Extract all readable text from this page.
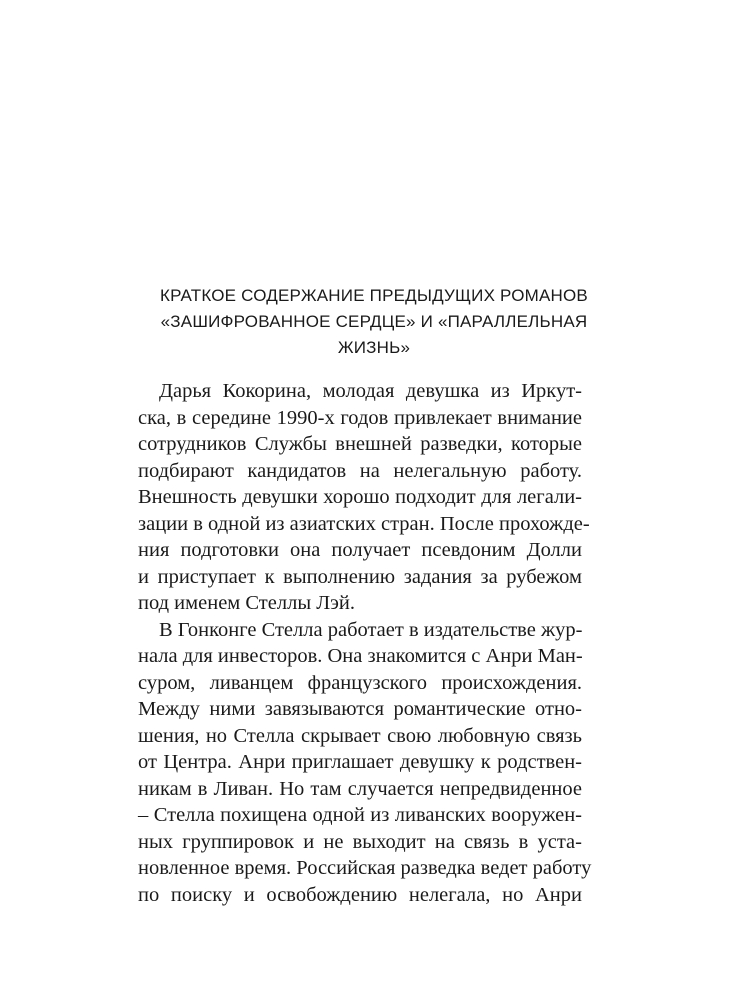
КРАТКОЕ СОДЕРЖАНИЕ ПРЕДЫДУЩИХ РОМАНОВ
«ЗАШИФРОВАННОЕ СЕРДЦЕ» И «ПАРАЛЛЕЛЬНАЯ
ЖИЗНЬ»
Дарья Кокорина, молодая девушка из Иркут-
ска, в середине 1990-х годов привлекает внимание
сотрудников Службы внешней разведки, которые
подбирают кандидатов на нелегальную работу.
Внешность девушки хорошо подходит для легали-
зации в одной из азиатских стран. После прохожде-
ния подготовки она получает псевдоним Долли
и приступает к выполнению задания за рубежом
под именем Стеллы Лэй.
В Гонконге Стелла работает в издательстве жур-
нала для инвесторов. Она знакомится с Анри Ман-
суром, ливанцем французского происхождения.
Между ними завязываются романтические отно-
шения, но Стелла скрывает свою любовную связь
от Центра. Анри приглашает девушку к родствен-
никам в Ливан. Но там случается непредвиденное
– Стелла похищена одной из ливанских вооружен-
ных группировок и не выходит на связь в уста-
новленное время. Российская разведка ведет работу
по поиску и освобождению нелегала, но Анри
